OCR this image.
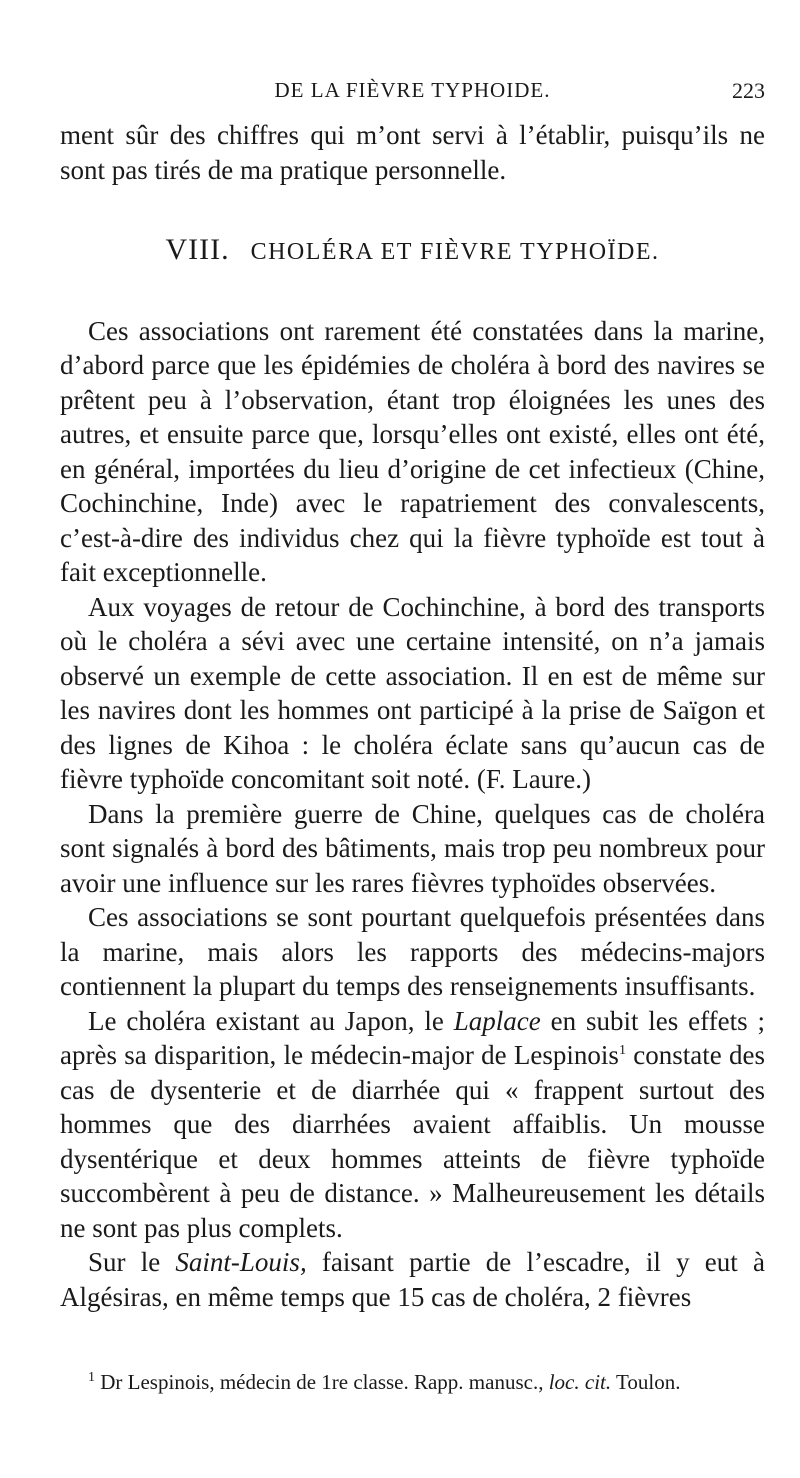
DE LA FIÈVRE TYPHOIDE.	223

ment sûr des chiffres qui m’ont servi à l’établir, puisqu’ils ne sont pas tirés de ma pratique personnelle.

VIII. CHOLÉRA ET FIÈVRE TYPHOÏDE.

Ces associations ont rarement été constatées dans la marine, d’abord parce que les épidémies de choléra à bord des navires se prêtent peu à l’observation, étant trop éloignées les unes des autres, et ensuite parce que, lorsqu’elles ont existé, elles ont été, en général, importées du lieu d’origine de cet infectieux (Chine, Cochinchine, Inde) avec le rapatriement des convalescents, c’est-à-dire des individus chez qui la fièvre typhoïde est tout à fait exceptionnelle.

Aux voyages de retour de Cochinchine, à bord des transports où le choléra a sévi avec une certaine intensité, on n’a jamais observé un exemple de cette association. Il en est de même sur les navires dont les hommes ont participé à la prise de Saïgon et des lignes de Kihoa : le choléra éclate sans qu’aucun cas de fièvre typhoïde concomitant soit noté. (F. Laure.)

Dans la première guerre de Chine, quelques cas de choléra sont signalés à bord des bâtiments, mais trop peu nombreux pour avoir une influence sur les rares fièvres typhoïdes observées.

Ces associations se sont pourtant quelquefois présentées dans la marine, mais alors les rapports des médecins-majors contiennent la plupart du temps des renseignements insuffisants.

Le choléra existant au Japon, le Laplace en subit les effets ; après sa disparition, le médecin-major de Lespinois$^1$ constate des cas de dysenterie et de diarrhée qui « frappent surtout des hommes que des diarrhées avaient affaiblis. Un mousse dysentérique et deux hommes atteints de fièvre typhoïde succombèrent à peu de distance. » Malheureusement les détails ne sont pas plus complets.

Sur le Saint-Louis, faisant partie de l’escadre, il y eut à Algésiras, en même temps que 15 cas de choléra, 2 fièvres

$^1$ Dr Lespinois, médecin de 1re classe. Rapp. manusc., loc. cit. Toulon.
